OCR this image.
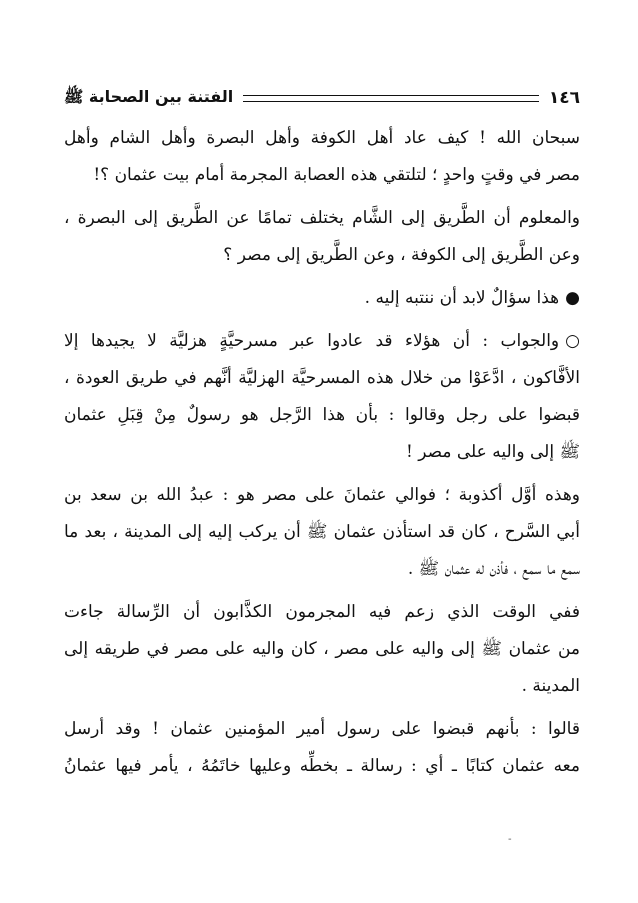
١٤٦
الفتنة بين الصحابة ﷺ
سبحان الله ! كيف عاد أهل الكوفة وأهل البصرة وأهل الشام وأهل
مصر في وقتٍ واحدٍ ؛ لتلتقي هذه العصابة المجرمة أمام بيت عثمان ؟!
والمعلوم أن الطَّريق إلى الشَّام يختلف تمامًا عن الطَّريق إلى البصرة ،
وعن الطَّريق إلى الكوفة ، وعن الطَّريق إلى مصر ؟
●هذا سؤالٌ لابد أن ننتبه إليه .
○والجواب : أن هؤلاء قد عادوا عبر مسرحيَّةٍ هزليَّة لا يجيدها إلا
الأفَّاكون ، ادَّعَوْا من خلال هذه المسرحيَّة الهزليَّة أنَّهم في طريق العودة ،
قبضوا على رجل وقالوا : بأن هذا الرَّجل هو رسولٌ مِنْ قِبَلِ عثمان
ﷺ إلى واليه على مصر !
وهذه أوَّل أكذوبة ؛ فوالي عثمانَ على مصر هو : عبدُ الله بن سعد بن
أبي السَّرح ، كان قد استأذن عثمان ﷺ أن يركب إليه إلى المدينة ، بعد ما
سمع ما سمع ، فأذن له عثمان ﷺ .
ففي الوقت الذي زعم فيه المجرمون الكذَّابون أن الرِّسالة جاءت
من عثمان ﷺ إلى واليه على مصر ، كان واليه على مصر في طريقه إلى
المدينة .
قالوا : بأنهم قبضوا على رسول أمير المؤمنين عثمان ! وقد أرسل
معه عثمان كتابًا ـ أي : رسالة ـ بخطِّه وعليها خاتَمُهُ ، يأمر فيها عثمانُ
-
